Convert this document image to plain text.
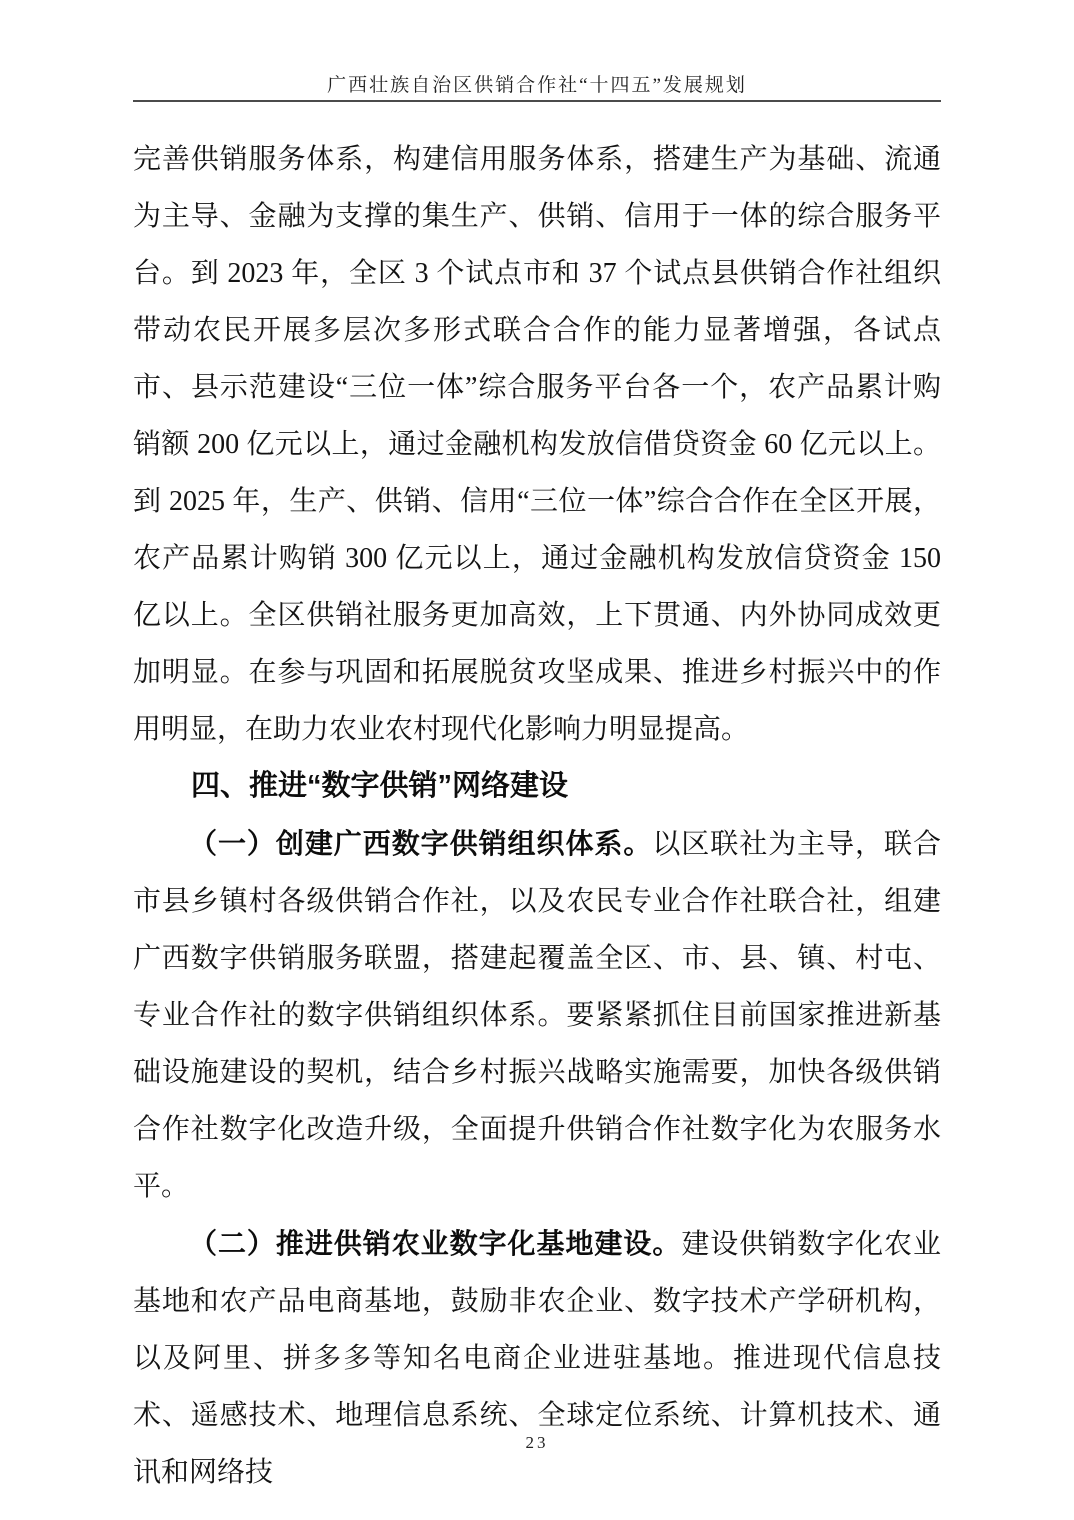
广西壮族自治区供销合作社“十四五”发展规划

完善供销服务体系，构建信用服务体系，搭建生产为基础、流通为主导、金融为支撑的集生产、供销、信用于一体的综合服务平台。到 2023 年，全区 3 个试点市和 37 个试点县供销合作社组织带动农民开展多层次多形式联合合作的能力显著增强，各试点市、县示范建设“三位一体”综合服务平台各一个，农产品累计购销额 200 亿元以上，通过金融机构发放信借贷资金 60 亿元以上。到 2025 年，生产、供销、信用“三位一体”综合合作在全区开展，农产品累计购销 300 亿元以上，通过金融机构发放信贷资金 150 亿以上。全区供销社服务更加高效，上下贯通、内外协同成效更加明显。在参与巩固和拓展脱贫攻坚成果、推进乡村振兴中的作用明显，在助力农业农村现代化影响力明显提高。

四、推进“数字供销”网络建设

（一）创建广西数字供销组织体系。以区联社为主导，联合市县乡镇村各级供销合作社，以及农民专业合作社联合社，组建广西数字供销服务联盟，搭建起覆盖全区、市、县、镇、村屯、专业合作社的数字供销组织体系。要紧紧抓住目前国家推进新基础设施建设的契机，结合乡村振兴战略实施需要，加快各级供销合作社数字化改造升级，全面提升供销合作社数字化为农服务水平。

（二）推进供销农业数字化基地建设。建设供销数字化农业基地和农产品电商基地，鼓励非农企业、数字技术产学研机构，以及阿里、拼多多等知名电商企业进驻基地。推进现代信息技术、遥感技术、地理信息系统、全球定位系统、计算机技术、通讯和网络技

23
